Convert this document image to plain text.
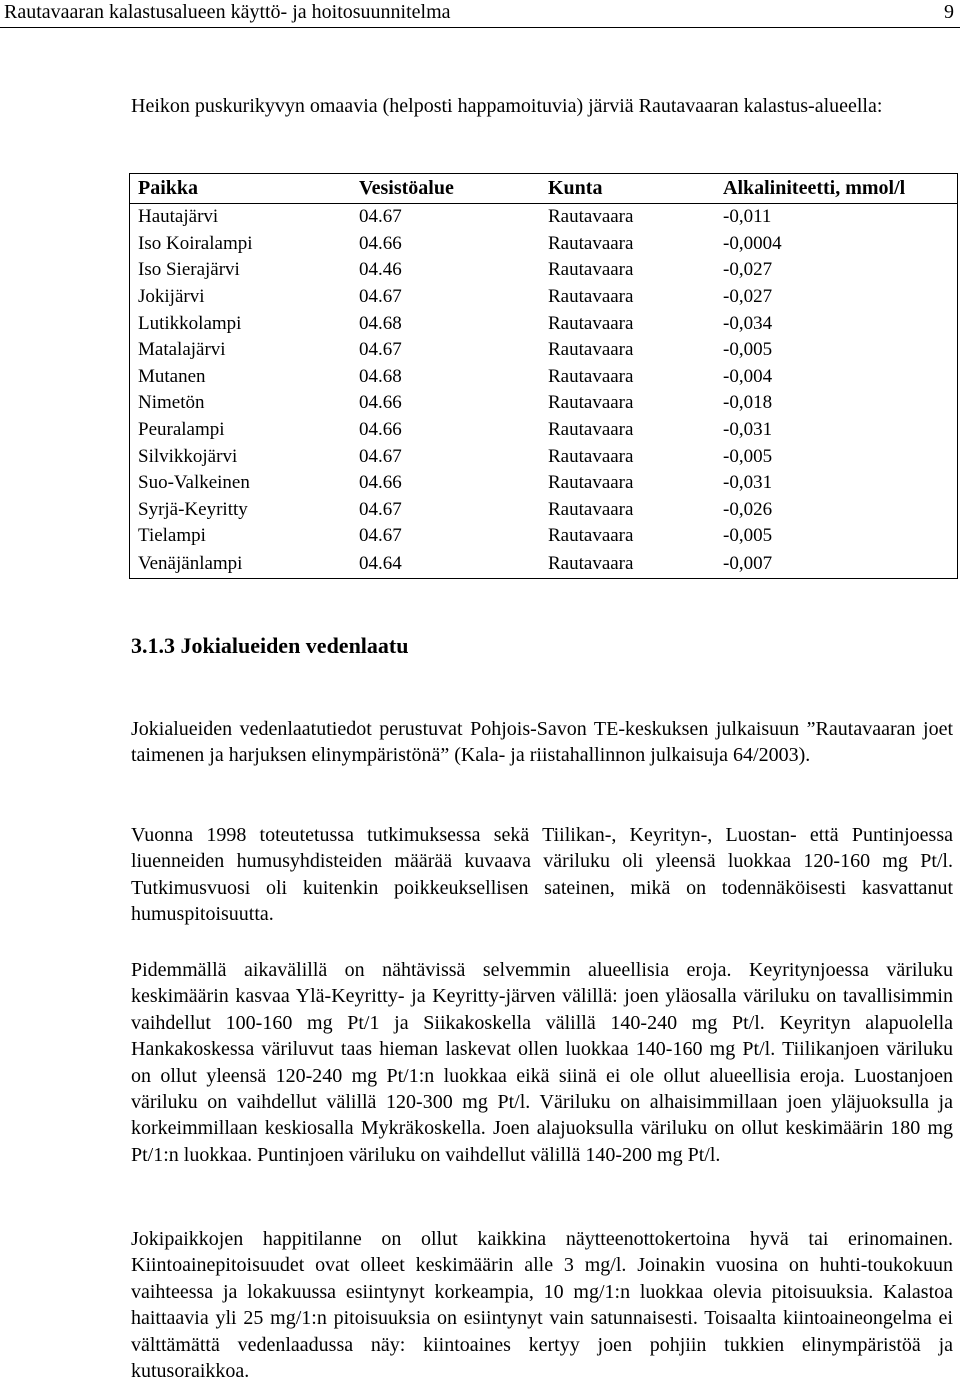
Rautavaaran kalastusalueen käyttö- ja hoitosuunnitelma	9

Heikon puskurikyvyn omaavia (helposti happamoituvia) järviä Rautavaaran kalastus-alueella:

Paikka	Vesistöalue	Kunta	Alkaliniteetti, mmol/l
Hautajärvi	04.67	Rautavaara	-0,011
Iso Koiralampi	04.66	Rautavaara	-0,0004
Iso Sierajärvi	04.46	Rautavaara	-0,027
Jokijärvi	04.67	Rautavaara	-0,027
Lutikkolampi	04.68	Rautavaara	-0,034
Matalajärvi	04.67	Rautavaara	-0,005
Mutanen	04.68	Rautavaara	-0,004
Nimetön	04.66	Rautavaara	-0,018
Peuralampi	04.66	Rautavaara	-0,031
Silvikkojärvi	04.67	Rautavaara	-0,005
Suo-Valkeinen	04.66	Rautavaara	-0,031
Syrjä-Keyritty	04.67	Rautavaara	-0,026
Tielampi	04.67	Rautavaara	-0,005
Venäjänlampi	04.64	Rautavaara	-0,007
3.1.3 Jokialueiden vedenlaatu

Jokialueiden vedenlaatutiedot perustuvat Pohjois-Savon TE-keskuksen julkaisuun ”Rautavaaran joet taimenen ja harjuksen elinympäristönä” (Kala- ja riistahallinnon julkaisuja 64/2003).

Vuonna 1998 toteutetussa tutkimuksessa sekä Tiilikan-, Keyrityn-, Luostan- että Puntinjoessa liuenneiden humusyhdisteiden määrää kuvaava väriluku oli yleensä luokkaa 120-160 mg Pt/l. Tutkimusvuosi oli kuitenkin poikkeuksellisen sateinen, mikä on todennäköisesti kasvattanut humuspitoisuutta.

Pidemmällä aikavälillä on nähtävissä selvemmin alueellisia eroja. Keyritynjoessa väriluku keskimäärin kasvaa Ylä-Keyritty- ja Keyritty-järven välillä: joen yläosalla väriluku on tavallisimmin vaihdellut 100-160 mg Pt/1 ja Siikakoskella välillä 140-240 mg Pt/l. Keyrityn alapuolella Hankakoskessa väriluvut taas hieman laskevat ollen luokkaa 140-160 mg Pt/l. Tiilikanjoen väriluku on ollut yleensä 120-240 mg Pt/1:n luokkaa eikä siinä ei ole ollut alueellisia eroja. Luostanjoen väriluku on vaihdellut välillä 120-300 mg Pt/l. Väriluku on alhaisimmillaan joen yläjuoksulla ja korkeimmillaan keskiosalla Mykräkoskella. Joen alajuoksulla väriluku on ollut keskimäärin 180 mg Pt/1:n luokkaa. Puntinjoen väriluku on vaihdellut välillä 140-200 mg Pt/l.

Jokipaikkojen happitilanne on ollut kaikkina näytteenottokertoina hyvä tai erinomainen. Kiintoainepitoisuudet ovat olleet keskimäärin alle 3 mg/l. Joinakin vuosina on huhti-toukokuun vaihteessa ja lokakuussa esiintynyt korkeampia, 10 mg/1:n luokkaa olevia pitoisuuksia. Kalastoa haittaavia yli 25 mg/1:n pitoisuuksia on esiintynyt vain satunnaisesti. Toisaalta kiintoaineongelma ei välttämättä vedenlaadussa näy: kiintoaines kertyy joen pohjiin tukkien elinympäristöä ja kutusoraikkoa.
